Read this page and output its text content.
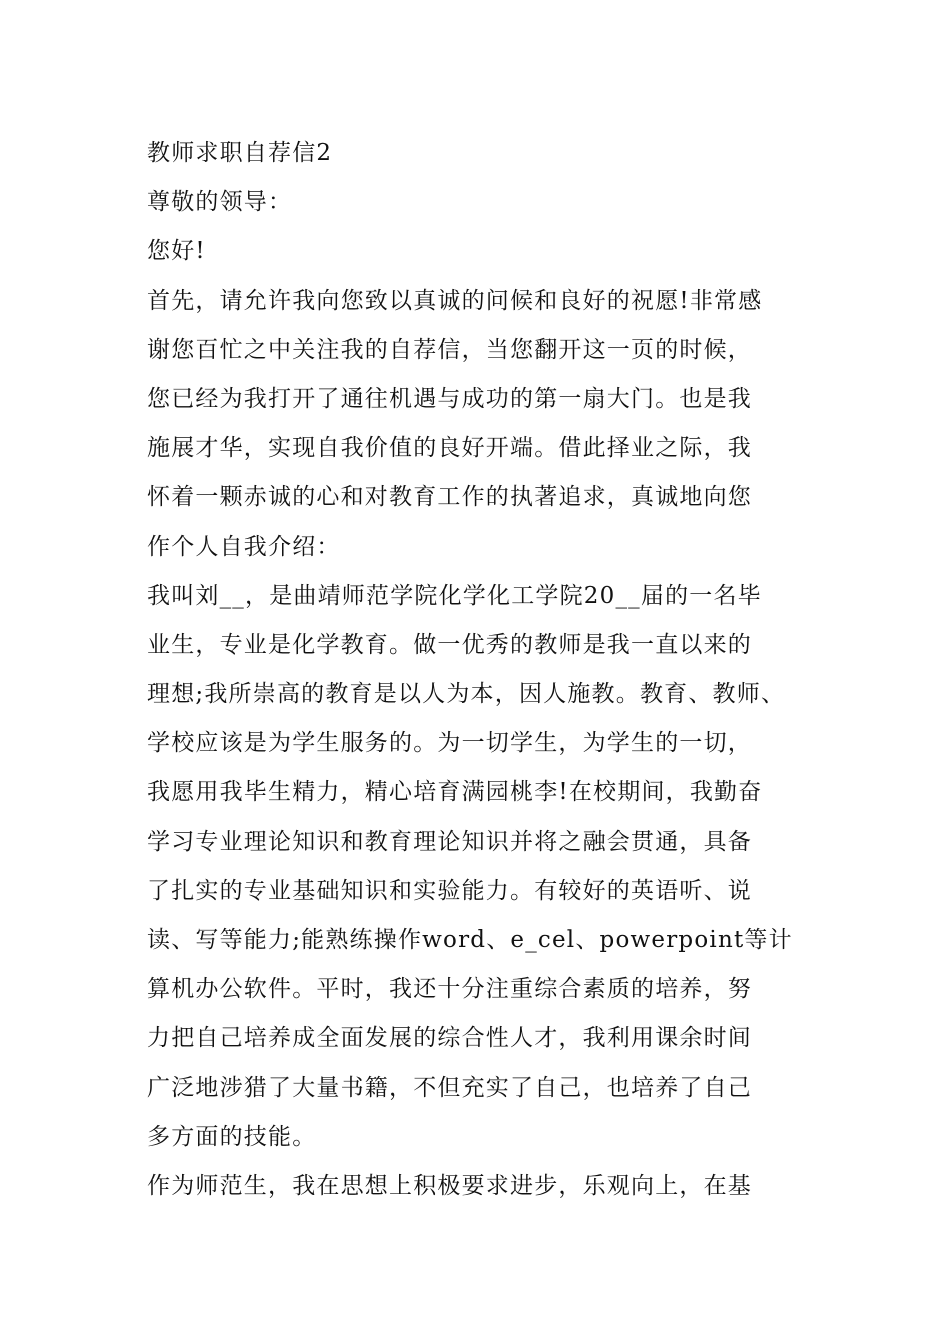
教师求职自荐信2
尊敬的领导：
您好!
首先，请允许我向您致以真诚的问候和良好的祝愿!非常感
谢您百忙之中关注我的自荐信，当您翻开这一页的时候，
您已经为我打开了通往机遇与成功的第一扇大门。也是我
施展才华，实现自我价值的良好开端。借此择业之际，我
怀着一颗赤诚的心和对教育工作的执著追求，真诚地向您
作个人自我介绍：
我叫刘__，是曲靖师范学院化学化工学院20__届的一名毕
业生，专业是化学教育。做一优秀的教师是我一直以来的
理想;我所崇高的教育是以人为本，因人施教。教育、教师、
学校应该是为学生服务的。为一切学生，为学生的一切，
我愿用我毕生精力，精心培育满园桃李!在校期间，我勤奋
学习专业理论知识和教育理论知识并将之融会贯通，具备
了扎实的专业基础知识和实验能力。有较好的英语听、说
读、写等能力;能熟练操作word、e_cel、powerpoint等计
算机办公软件。平时，我还十分注重综合素质的培养，努
力把自己培养成全面发展的综合性人才，我利用课余时间
广泛地涉猎了大量书籍，不但充实了自己，也培养了自己
多方面的技能。
作为师范生，我在思想上积极要求进步，乐观向上，在基
